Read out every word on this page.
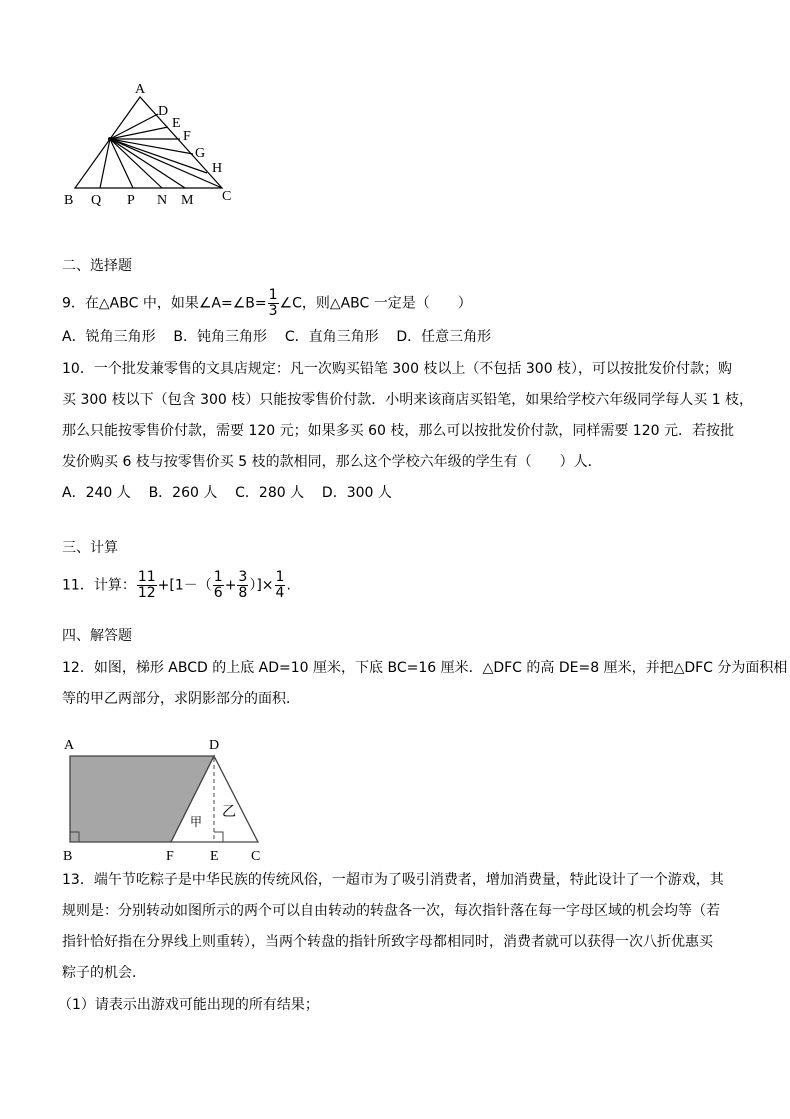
A
D
E
F
G
H
B Q P N M C
A	D
B	F	E C
甲
乙
二、选择题
9．在△ABC 中，如果∠A=∠B= $\frac{1}{3}$ ∠C，则△ABC 一定是（　　）
A．锐角三角形 B．钝角三角形 C．直角三角形 D．任意三角形
10．一个批发兼零售的文具店规定：凡一次购买铅笔 300 枝以上（不包括 300 枝），可以按批发价付款；购
买 300 枝以下（包含 300 枝）只能按零售价付款．小明来该商店买铅笔，如果给学校六年级同学每人买 1 枝，
那么只能按零售价付款，需要 120 元；如果多买 60 枝，那么可以按批发价付款，同样需要 120 元．若按批
发价购买 6 枝与按零售价买 5 枝的款相同，那么这个学校六年级的学生有（　　）人．
A．240 人 B．260 人 C．280 人 D．300 人
三、计算
11．计算： $\frac{11}{12} +[1-( \frac{1}{6} + \frac{3}{8}$ ）]× $\frac{1}{4}$ .
四、解答题
12．如图，梯形 ABCD 的上底 AD=10 厘米，下底 BC=16 厘米．△DFC 的高 DE=8 厘米，并把△DFC 分为面积相
等的甲乙两部分，求阴影部分的面积．
13．端午节吃粽子是中华民族的传统风俗，一超市为了吸引消费者，增加消费量，特此设计了一个游戏，其
规则是：分别转动如图所示的两个可以自由转动的转盘各一次，每次指针落在每一字母区域的机会均等（若
指针恰好指在分界线上则重转），当两个转盘的指针所致字母都相同时，消费者就可以获得一次八折优惠买
粽子的机会．
（1）请表示出游戏可能出现的所有结果；
